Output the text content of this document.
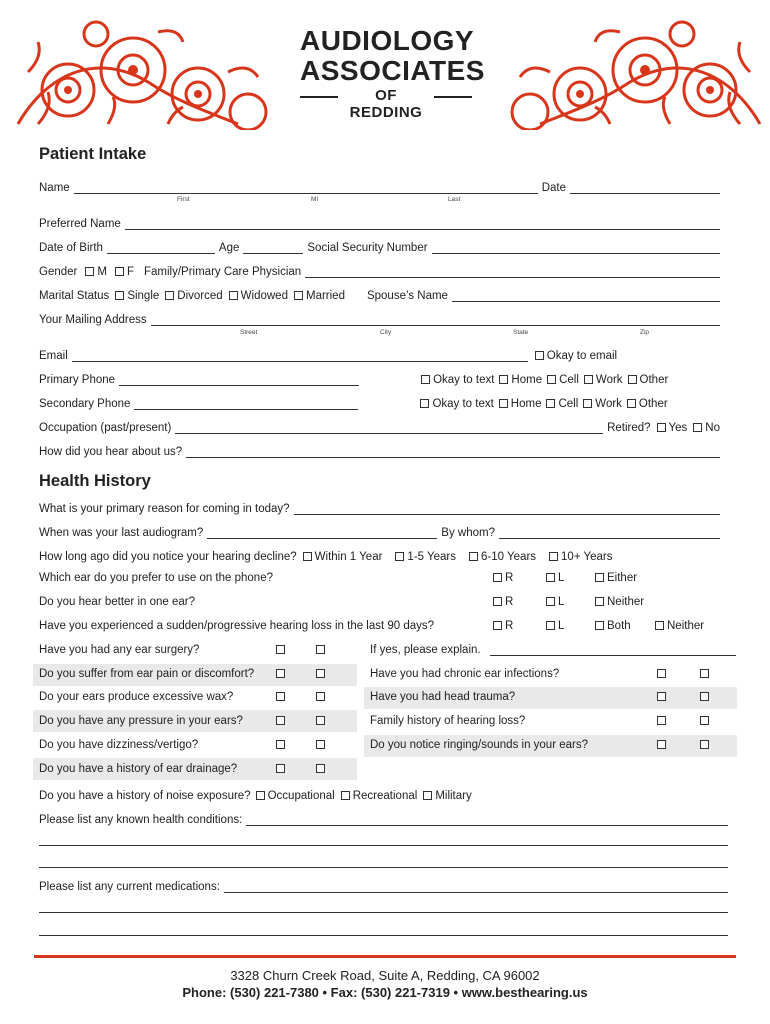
AUDIOLOGY
ASSOCIATES
OF REDDING
Patient Intake
Name	Date
First	MI	Last
Preferred Name
Date of Birth	Age	Social Security Number
Gender	M	F Family/Primary Care Physician
Marital Status	Single	Divorced	Widowed	Married Spouse’s Name
Your Mailing Address
Street	City	State	Zip
Email	Okay to email
Primary Phone	Okay to text	Home	Cell	Work	Other
Secondary Phone	Okay to text	Home	Cell	Work	Other
Occupation (past/present)	Retired?	Yes	No
How did you hear about us?
Health History
What is your primary reason for coming in today?
When was your last audiogram?	By whom?
How long ago did you notice your hearing decline?	Within 1 Year	1-5 Years	6-10 Years	10+ Years
Which ear do you prefer to use on the phone?	R	L	Either
Do you hear better in one ear?	R	L	Neither
Have you experienced a sudden/progressive hearing loss in the last 90 days?	R	L	Both	Neither
Have you had any ear surgery?	If yes, please explain.
Do you suffer from ear pain or discomfort?
Do your ears produce excessive wax?
Do you have any pressure in your ears?
Do you have dizziness/vertigo?
Do you have a history of ear drainage?
Have you had chronic ear infections?
Have you had head trauma?
Family history of hearing loss?
Do you notice ringing/sounds in your ears?
Do you have a history of noise exposure?	Occupational	Recreational	Military
Please list any known health conditions:
Please list any current medications:
3328 Churn Creek Road, Suite A, Redding, CA 96002
Phone: (530) 221-7380 • Fax: (530) 221-7319 • www.besthearing.us
